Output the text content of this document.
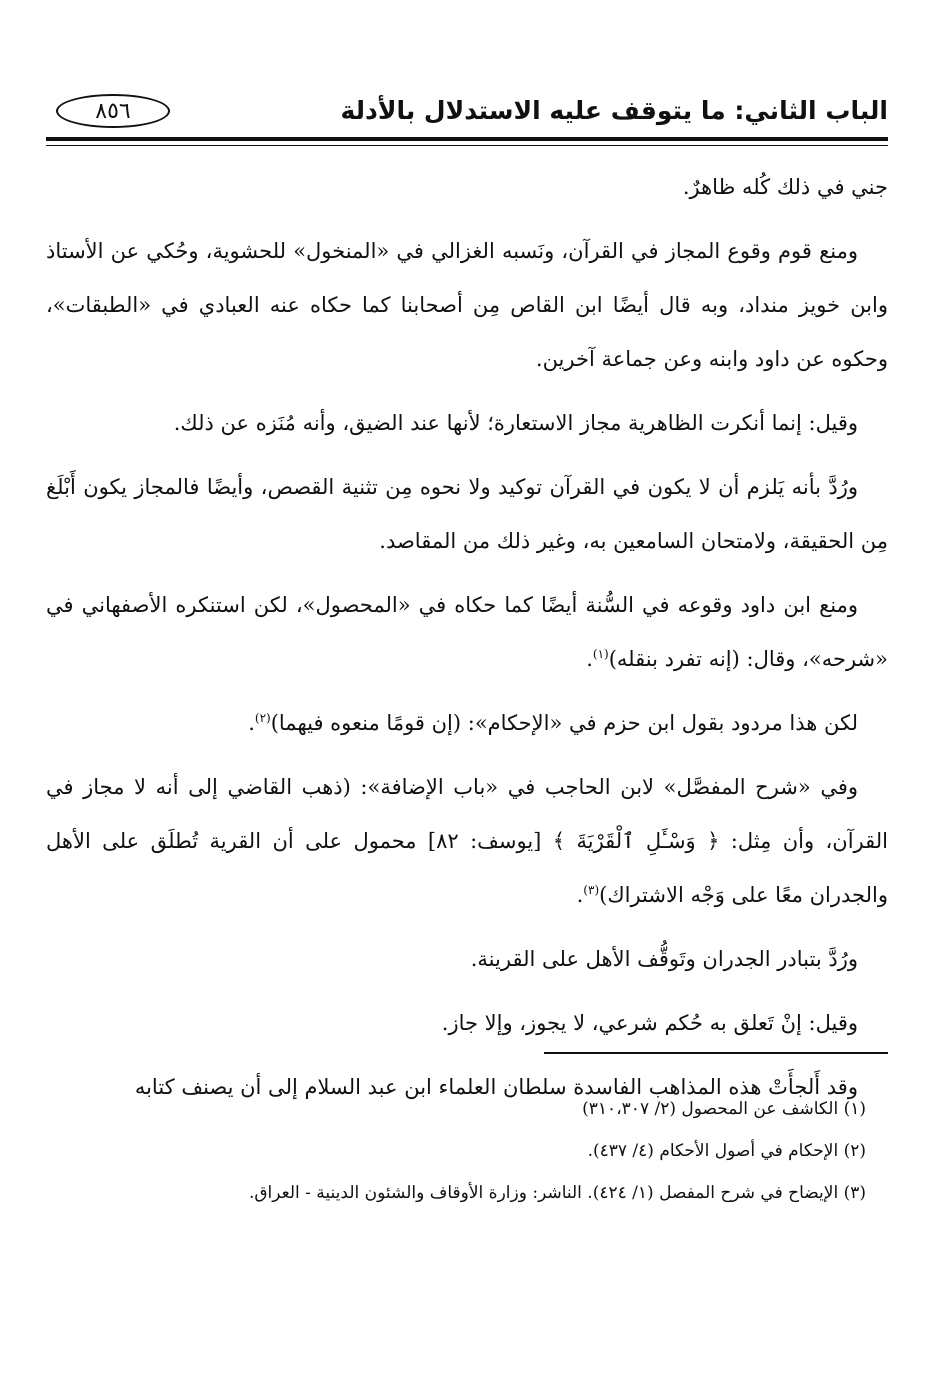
الباب الثاني: ما يتوقف عليه الاستدلال بالأدلة
٨٥٦

جني في ذلك كُله ظاهرٌ.

ومنع قوم وقوع المجاز في القرآن، ونَسبه الغزالي في «المنخول» للحشوية، وحُكي عن الأستاذ وابن خويز منداد، وبه قال أيضًا ابن القاص مِن أصحابنا كما حكاه عنه العبادي في «الطبقات»، وحكوه عن داود وابنه وعن جماعة آخرين.

وقيل: إنما أنكرت الظاهرية مجاز الاستعارة؛ لأنها عند الضيق، وأنه مُنَزه عن ذلك.

ورُدَّ بأنه يَلزم أن لا يكون في القرآن توكيد ولا نحوه مِن تثنية القصص، وأيضًا فالمجاز يكون أَبْلَغ مِن الحقيقة، ولامتحان السامعين به، وغير ذلك من المقاصد.

ومنع ابن داود وقوعه في السُّنة أيضًا كما حكاه في «المحصول»، لكن استنكره الأصفهاني في «شرحه»، وقال: (إنه تفرد بنقله)$^{(١)}$.

لكن هذا مردود بقول ابن حزم في «الإحكام»: (إن قومًا منعوه فيهما)$^{(٢)}$.

وفي «شرح المفصَّل» لابن الحاجب في «باب الإضافة»: (ذهب القاضي إلى أنه لا مجاز في القرآن، وأن مِثل: ﴿ وَسْـَٔلِ ٱلْقَرْيَةَ ﴾ [يوسف: ٨٢] محمول على أن القرية تُطلَق على الأهل والجدران معًا على وَجْه الاشتراك)$^{(٣)}$.

ورُدَّ بتبادر الجدران وتَوقُّف الأهل على القرينة.

وقيل: إنْ تَعلق به حُكم شرعي، لا يجوز، وإلا جاز.

وقد أَلجأَتْ هذه المذاهب الفاسدة سلطان العلماء ابن عبد السلام إلى أن يصنف كتابه

(١) الكاشف عن المحصول (٢/ ٣١٠،٣٠٧)
(٢) الإحكام في أصول الأحكام (٤/ ٤٣٧).
(٣) الإيضاح في شرح المفصل (١/ ٤٢٤). الناشر: وزارة الأوقاف والشئون الدينية - العراق.
